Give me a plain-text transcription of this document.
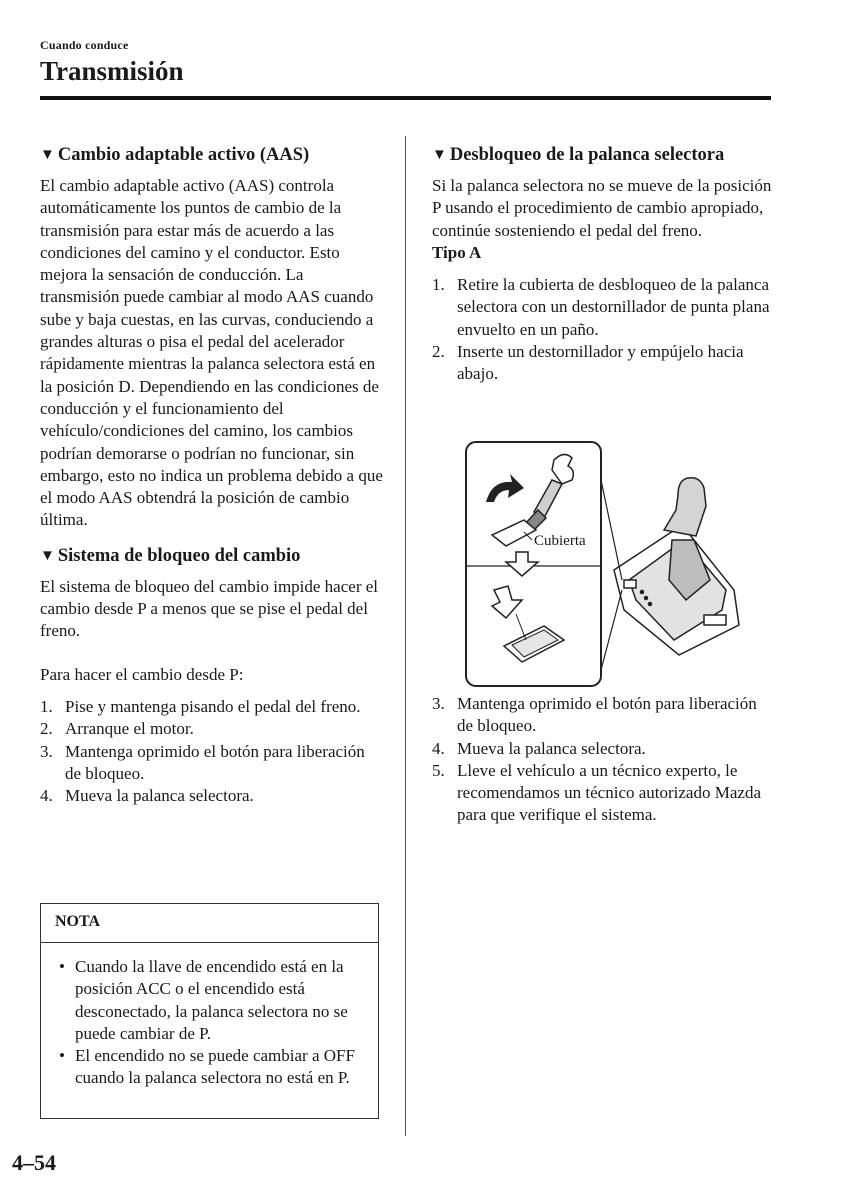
Cuando conduce
Transmisión
▼ Cambio adaptable activo (AAS)

El cambio adaptable activo (AAS) controla automáticamente los puntos de cambio de la transmisión para estar más de acuerdo a las condiciones del camino y el conductor. Esto mejora la sensación de conducción. La transmisión puede cambiar al modo AAS cuando sube y baja cuestas, en las curvas, conduciendo a grandes alturas o pisa el pedal del acelerador rápidamente mientras la palanca selectora está en la posición D. Dependiendo en las condiciones de conducción y el funcionamiento del vehículo/condiciones del camino, los cambios podrían demorarse o podrían no funcionar, sin embargo, esto no indica un problema debido a que el modo AAS obtendrá la posición de cambio última.

▼ Sistema de bloqueo del cambio

El sistema de bloqueo del cambio impide hacer el cambio desde P a menos que se pise el pedal del freno.

Para hacer el cambio desde P:

1. Pise y mantenga pisando el pedal del freno.
2. Arranque el motor.
3. Mantenga oprimido el botón para liberación de bloqueo.
4. Mueva la palanca selectora.
NOTA
• Cuando la llave de encendido está en la posición ACC o el encendido está desconectado, la palanca selectora no se puede cambiar de P.
• El encendido no se puede cambiar a OFF cuando la palanca selectora no está en P.
▼ Desbloqueo de la palanca selectora

Si la palanca selectora no se mueve de la posición P usando el procedimiento de cambio apropiado, continúe sosteniendo el pedal del freno.

Tipo A

1. Retire la cubierta de desbloqueo de la palanca selectora con un destornillador de punta plana envuelto en un paño.
2. Inserte un destornillador y empújelo hacia abajo.
Cubierta
3. Mantenga oprimido el botón para liberación de bloqueo.
4. Mueva la palanca selectora.
5. Lleve el vehículo a un técnico experto, le recomendamos un técnico autorizado Mazda para que verifique el sistema.
4–54
